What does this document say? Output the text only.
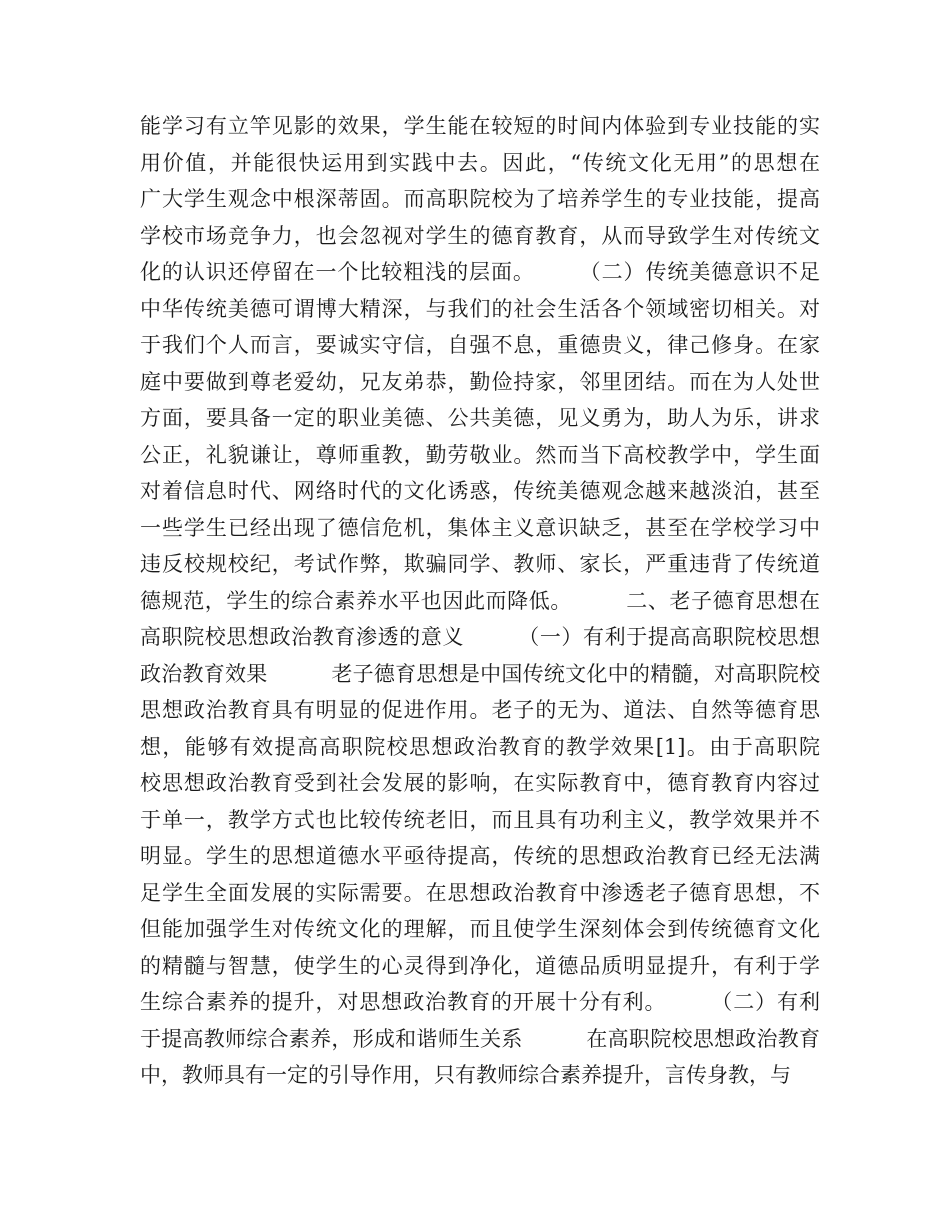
能学习有立竿见影的效果，学生能在较短的时间内体验到专业技能的实
用价值，并能很快运用到实践中去。因此，“传统文化无用”的思想在
广大学生观念中根深蒂固。而高职院校为了培养学生的专业技能，提高
学校市场竞争力，也会忽视对学生的德育教育，从而导致学生对传统文
化的认识还停留在一个比较粗浅的层面。　　　（二）传统美德意识不足
中华传统美德可谓博大精深，与我们的社会生活各个领域密切相关。对
于我们个人而言，要诚实守信，自强不息，重德贵义，律己修身。在家
庭中要做到尊老爱幼，兄友弟恭，勤俭持家，邻里团结。而在为人处世
方面，要具备一定的职业美德、公共美德，见义勇为，助人为乐，讲求
公正，礼貌谦让，尊师重教，勤劳敬业。然而当下高校教学中，学生面
对着信息时代、网络时代的文化诱惑，传统美德观念越来越淡泊，甚至
一些学生已经出现了德信危机，集体主义意识缺乏，甚至在学校学习中
违反校规校纪，考试作弊，欺骗同学、教师、家长，严重违背了传统道
德规范，学生的综合素养水平也因此而降低。　　　二、老子德育思想在
高职院校思想政治教育渗透的意义　　　（一）有利于提高高职院校思想
政治教育效果　　　老子德育思想是中国传统文化中的精髓，对高职院校
思想政治教育具有明显的促进作用。老子的无为、道法、自然等德育思
想，能够有效提高高职院校思想政治教育的教学效果[1]。由于高职院
校思想政治教育受到社会发展的影响，在实际教育中，德育教育内容过
于单一，教学方式也比较传统老旧，而且具有功利主义，教学效果并不
明显。学生的思想道德水平亟待提高，传统的思想政治教育已经无法满
足学生全面发展的实际需要。在思想政治教育中渗透老子德育思想，不
但能加强学生对传统文化的理解，而且使学生深刻体会到传统德育文化
的精髓与智慧，使学生的心灵得到净化，道德品质明显提升，有利于学
生综合素养的提升，对思想政治教育的开展十分有利。　　　（二）有利
于提高教师综合素养，形成和谐师生关系　　　在高职院校思想政治教育
中，教师具有一定的引导作用，只有教师综合素养提升，言传身教，与
